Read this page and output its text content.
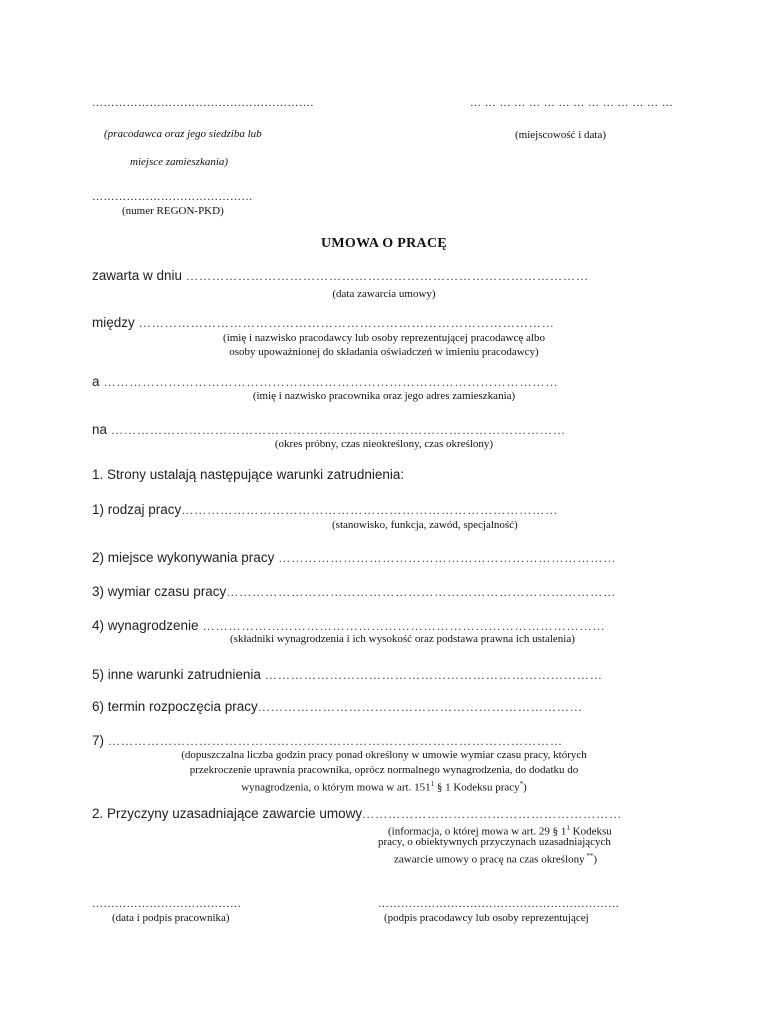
………………………………………………….	… … … … … … … … … … … … … …
(pracodawca oraz jego siedziba lub	(miejscowość i data)
miejsce zamieszkania)
……………………………………
(numer REGON-PKD)
UMOWA O PRACĘ
zawarta w dniu …………………………………………………………………………………
(data zawarcia umowy)
między ……………………………………………………………………………………
(imię i nazwisko pracodawcy lub osoby reprezentującej pracodawcę albo
osoby upoważnionej do składania oświadczeń w imieniu pracodawcy)
a ……………………………………………………………………………………………
(imię i nazwisko pracownika oraz jego adres zamieszkania)
na ……………………………………………………………………………………………
(okres próbny, czas nieokreślony, czas określony)
1. Strony ustalają następujące warunki zatrudnienia:
1) rodzaj pracy……………………………………………………………………………
(stanowisko, funkcja, zawód, specjalność)
2) miejsce wykonywania pracy ……………………………………………………………………
3) wymiar czasu pracy………………………………………………………………………………
4) wynagrodzenie …………………………………………………………………………………
(składniki wynagrodzenia i ich wysokość oraz podstawa prawna ich ustalenia)
5) inne warunki zatrudnienia ……………………………………………………………………
6) termin rozpoczęcia pracy…………………………………………………………………
7) ……………………………………………………………………………………………
(dopuszczalna liczba godzin pracy ponad określony w umowie wymiar czasu pracy, których
przekroczenie uprawnia pracownika, oprócz normalnego wynagrodzenia, do dodatku do
wynagrodzenia, o którym mowa w art. $151^1$ § 1 Kodeksu pracy*)
2. Przyczyny uzasadniające zawarcie umowy……………………………………………………
(informacja, o której mowa w art. 29 § $1^1$ Kodeksu
pracy, o obiektywnych przyczynach uzasadniających
zawarcie umowy o pracę na czas określony **)
…………………………………
(data i podpis pracownika)
………………………………………………………
(podpis pracodawcy lub osoby reprezentującej
